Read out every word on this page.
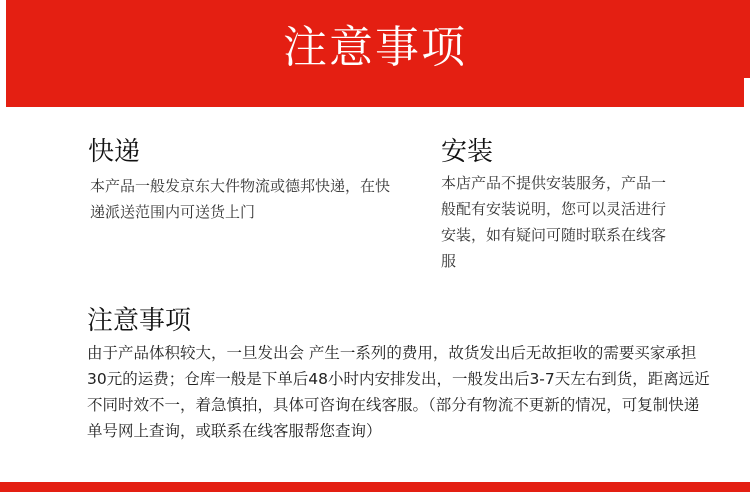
注意事项
快递

本产品一般发京东大件物流或德邦快递，在快递派送范围内可送货上门

安装

本店产品不提供安装服务，产品一般配有安装说明，您可以灵活进行安装，如有疑问可随时联系在线客服

注意事项

由于产品体积较大，一旦发出会 产生一系列的费用，故货发出后无故拒收的需要买家承担30元的运费；仓库一般是下单后48小时内安排发出，一般发出后3-7天左右到货，距离远近不同时效不一，着急慎拍，具体可咨询在线客服。（部分有物流不更新的情况，可复制快递单号网上查询，或联系在线客服帮您查询）
